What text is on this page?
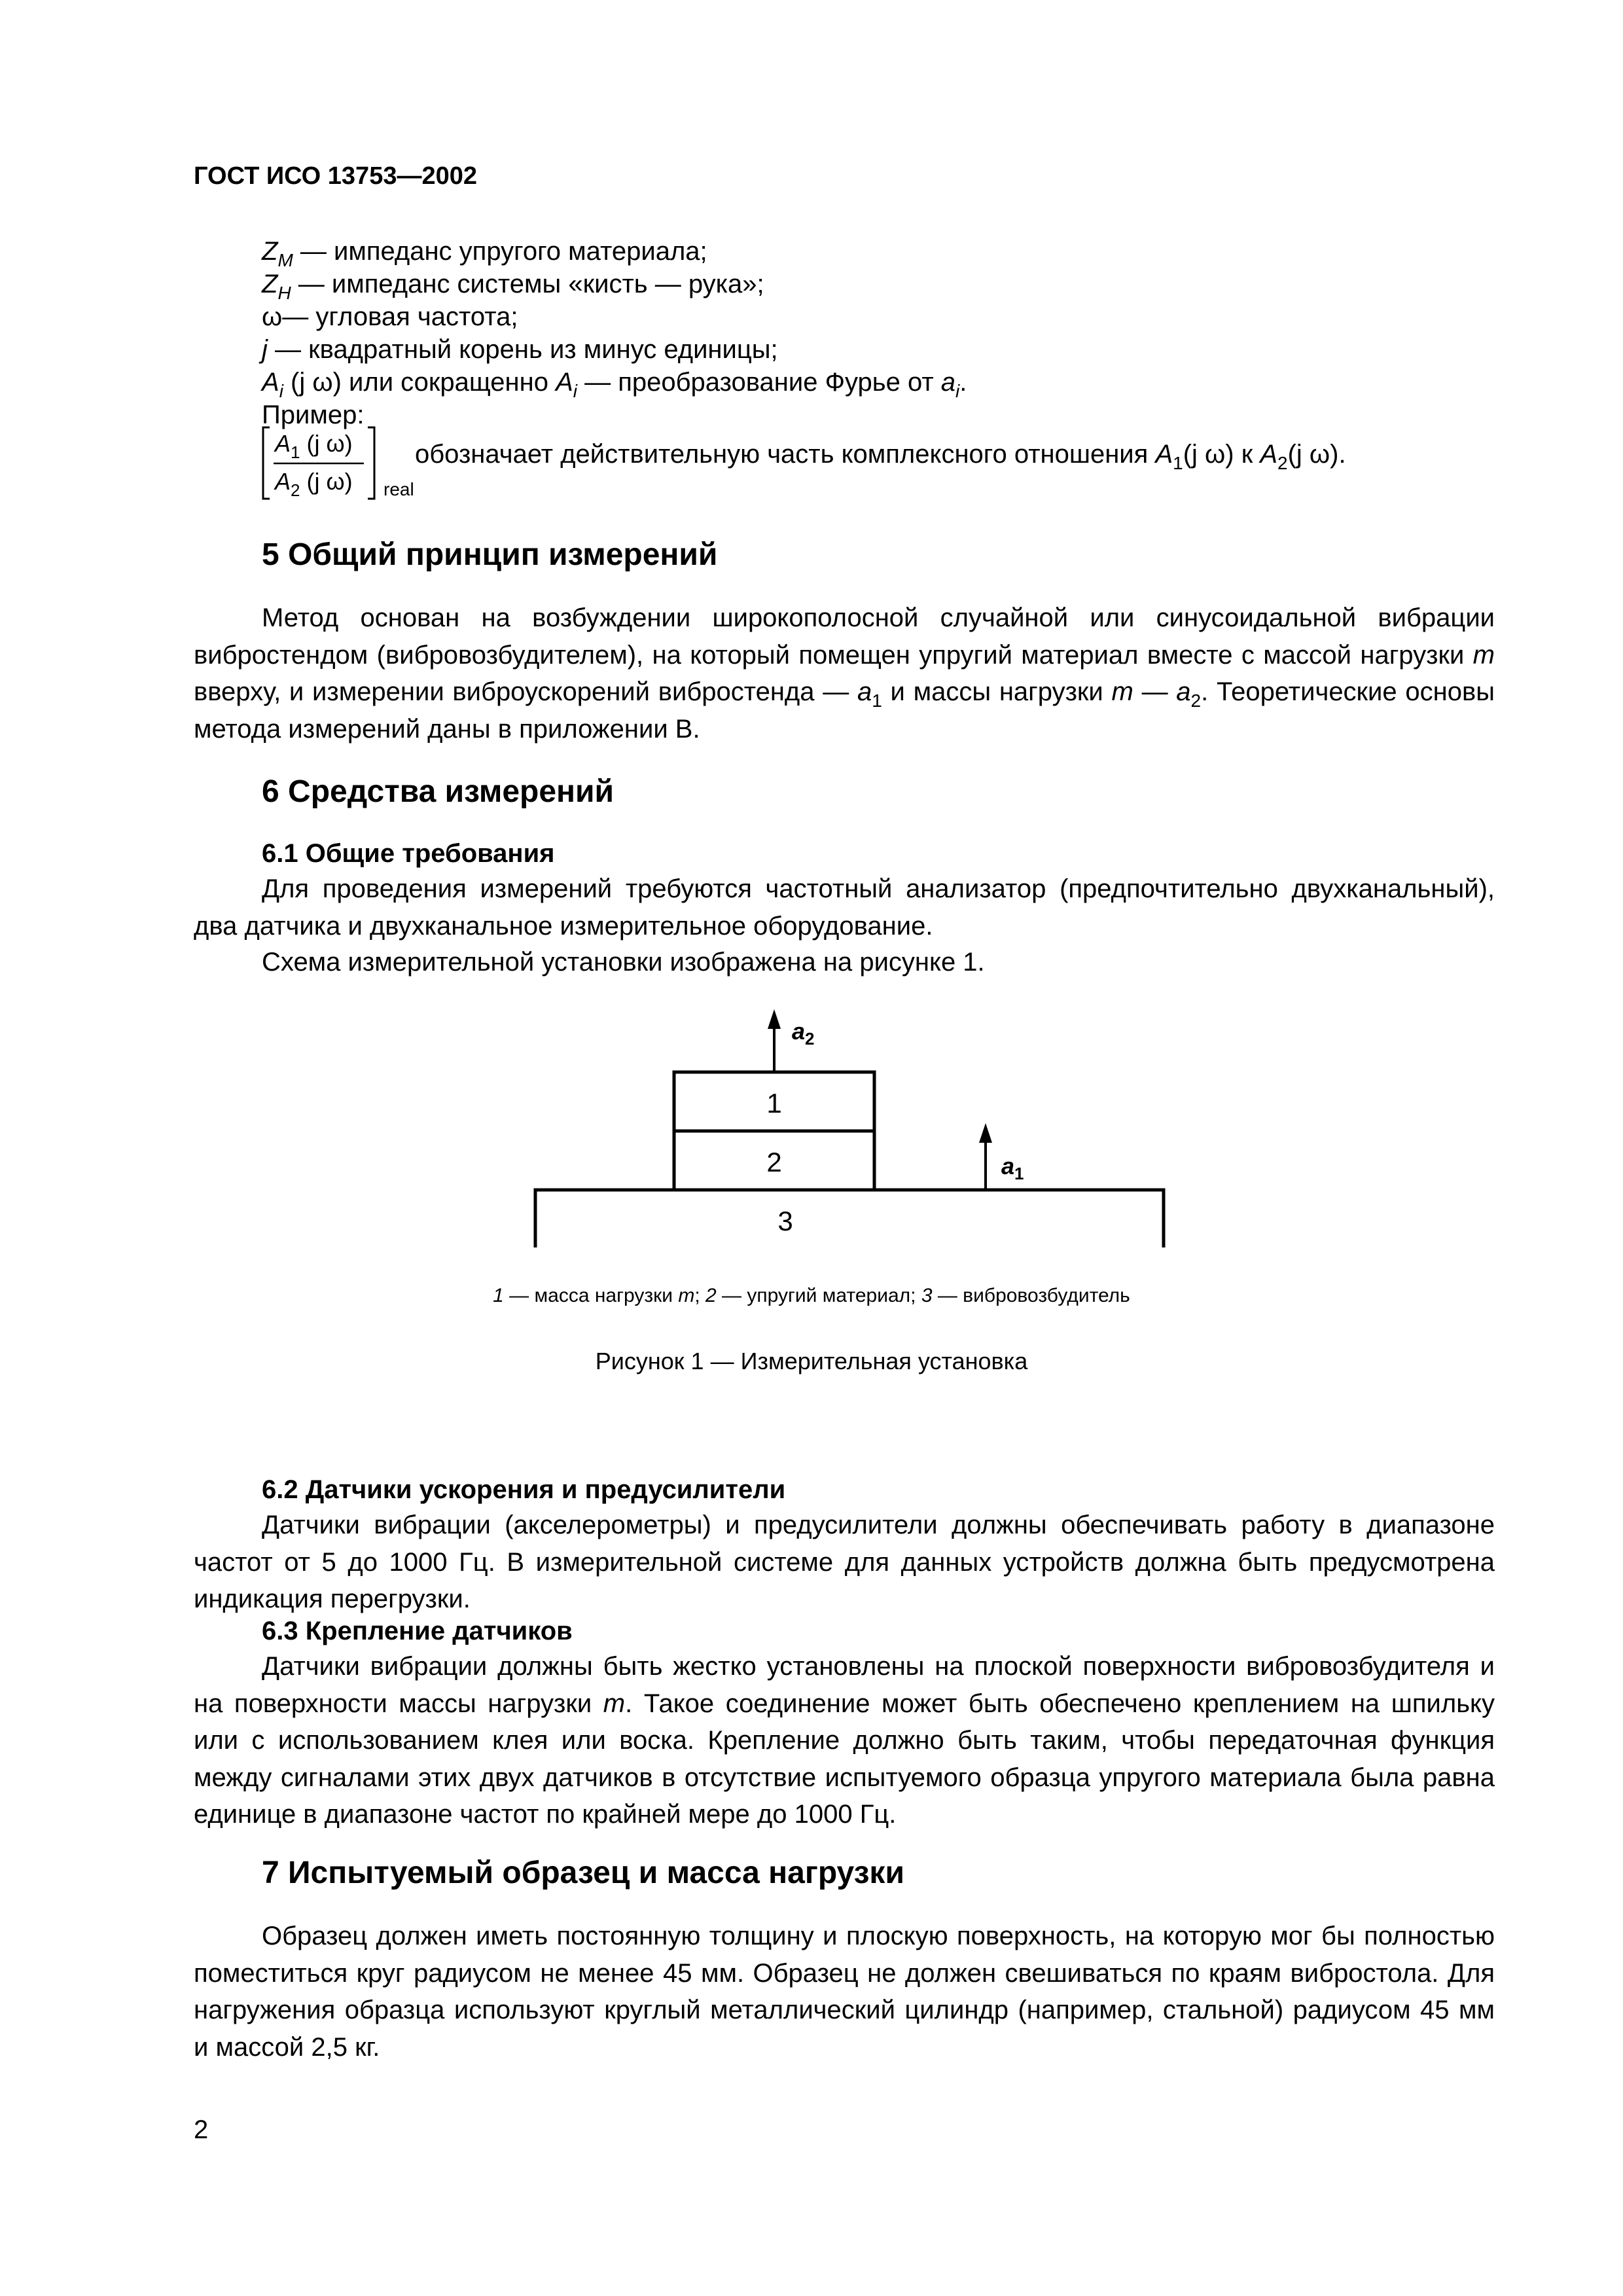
ГОСТ ИСО 13753—2002
$Z_M$ — импеданс упругого материала;
$Z_H$ — импеданс системы «кисть — рука»;
ω— угловая частота;
j — квадратный корень из минус единицы;
$A_i$ (j ω) или сокращенно $A_i$ — преобразование Фурье от $a_i$.
Пример:
$A_1$ (j ω)
$A_2$ (j ω) real
обозначает действительную часть комплексного отношения $A_1(j$ ω) к $A_2(j$ ω).
5 Общий принцип измерений
Метод основан на возбуждении широкополосной случайной или синусоидальной вибрации вибростендом (вибровозбудителем), на который помещен упругий материал вместе с массой нагрузки m вверху, и измерении виброускорений вибростенда — $a_1$ и массы нагрузки m — $a_2$. Теоретические основы метода измерений даны в приложении В.
6 Средства измерений
6.1 Общие требования
Для проведения измерений требуются частотный анализатор (предпочтительно двухканальный), два датчика и двухканальное измерительное оборудование.
Схема измерительной установки изображена на рисунке 1.
1
2
3
$a_2$
$a_1$
1 — масса нагрузки m; 2 — упругий материал; 3 — вибровозбудитель
Рисунок 1 — Измерительная установка
6.2 Датчики ускорения и предусилители
Датчики вибрации (акселерометры) и предусилители должны обеспечивать работу в диапазоне частот от 5 до 1000 Гц. В измерительной системе для данных устройств должна быть предусмотрена индикация перегрузки.
6.3 Крепление датчиков
Датчики вибрации должны быть жестко установлены на плоской поверхности вибровозбудителя и на поверхности массы нагрузки m. Такое соединение может быть обеспечено креплением на шпильку или с использованием клея или воска. Крепление должно быть таким, чтобы передаточная функция между сигналами этих двух датчиков в отсутствие испытуемого образца упругого материала была равна единице в диапазоне частот по крайней мере до 1000 Гц.
7 Испытуемый образец и масса нагрузки
Образец должен иметь постоянную толщину и плоскую поверхность, на которую мог бы полностью поместиться круг радиусом не менее 45 мм. Образец не должен свешиваться по краям вибростола. Для нагружения образца используют круглый металлический цилиндр (например, стальной) радиусом 45 мм и массой 2,5 кг.
2
